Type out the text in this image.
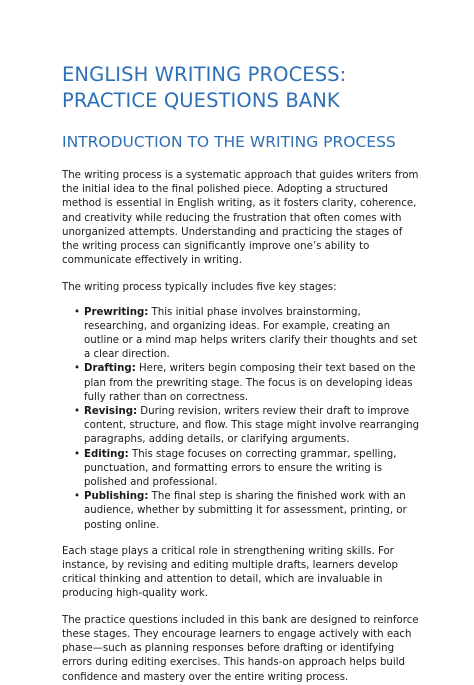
ENGLISH WRITING PROCESS:
PRACTICE QUESTIONS BANK
INTRODUCTION TO THE WRITING PROCESS

The writing process is a systematic approach that guides writers from the initial idea to the final polished piece. Adopting a structured method is essential in English writing, as it fosters clarity, coherence, and creativity while reducing the frustration that often comes with unorganized attempts. Understanding and practicing the stages of the writing process can significantly improve one’s ability to communicate effectively in writing.

The writing process typically includes five key stages:

• Prewriting: This initial phase involves brainstorming, researching, and organizing ideas. For example, creating an outline or a mind map helps writers clarify their thoughts and set a clear direction.
• Drafting: Here, writers begin composing their text based on the plan from the prewriting stage. The focus is on developing ideas fully rather than on correctness.
• Revising: During revision, writers review their draft to improve content, structure, and flow. This stage might involve rearranging paragraphs, adding details, or clarifying arguments.
• Editing: This stage focuses on correcting grammar, spelling, punctuation, and formatting errors to ensure the writing is polished and professional.
• Publishing: The final step is sharing the finished work with an audience, whether by submitting it for assessment, printing, or posting online.

Each stage plays a critical role in strengthening writing skills. For instance, by revising and editing multiple drafts, learners develop critical thinking and attention to detail, which are invaluable in producing high-quality work.

The practice questions included in this bank are designed to reinforce these stages. They encourage learners to engage actively with each phase—such as planning responses before drafting or identifying errors during editing exercises. This hands-on approach helps build confidence and mastery over the entire writing process.
